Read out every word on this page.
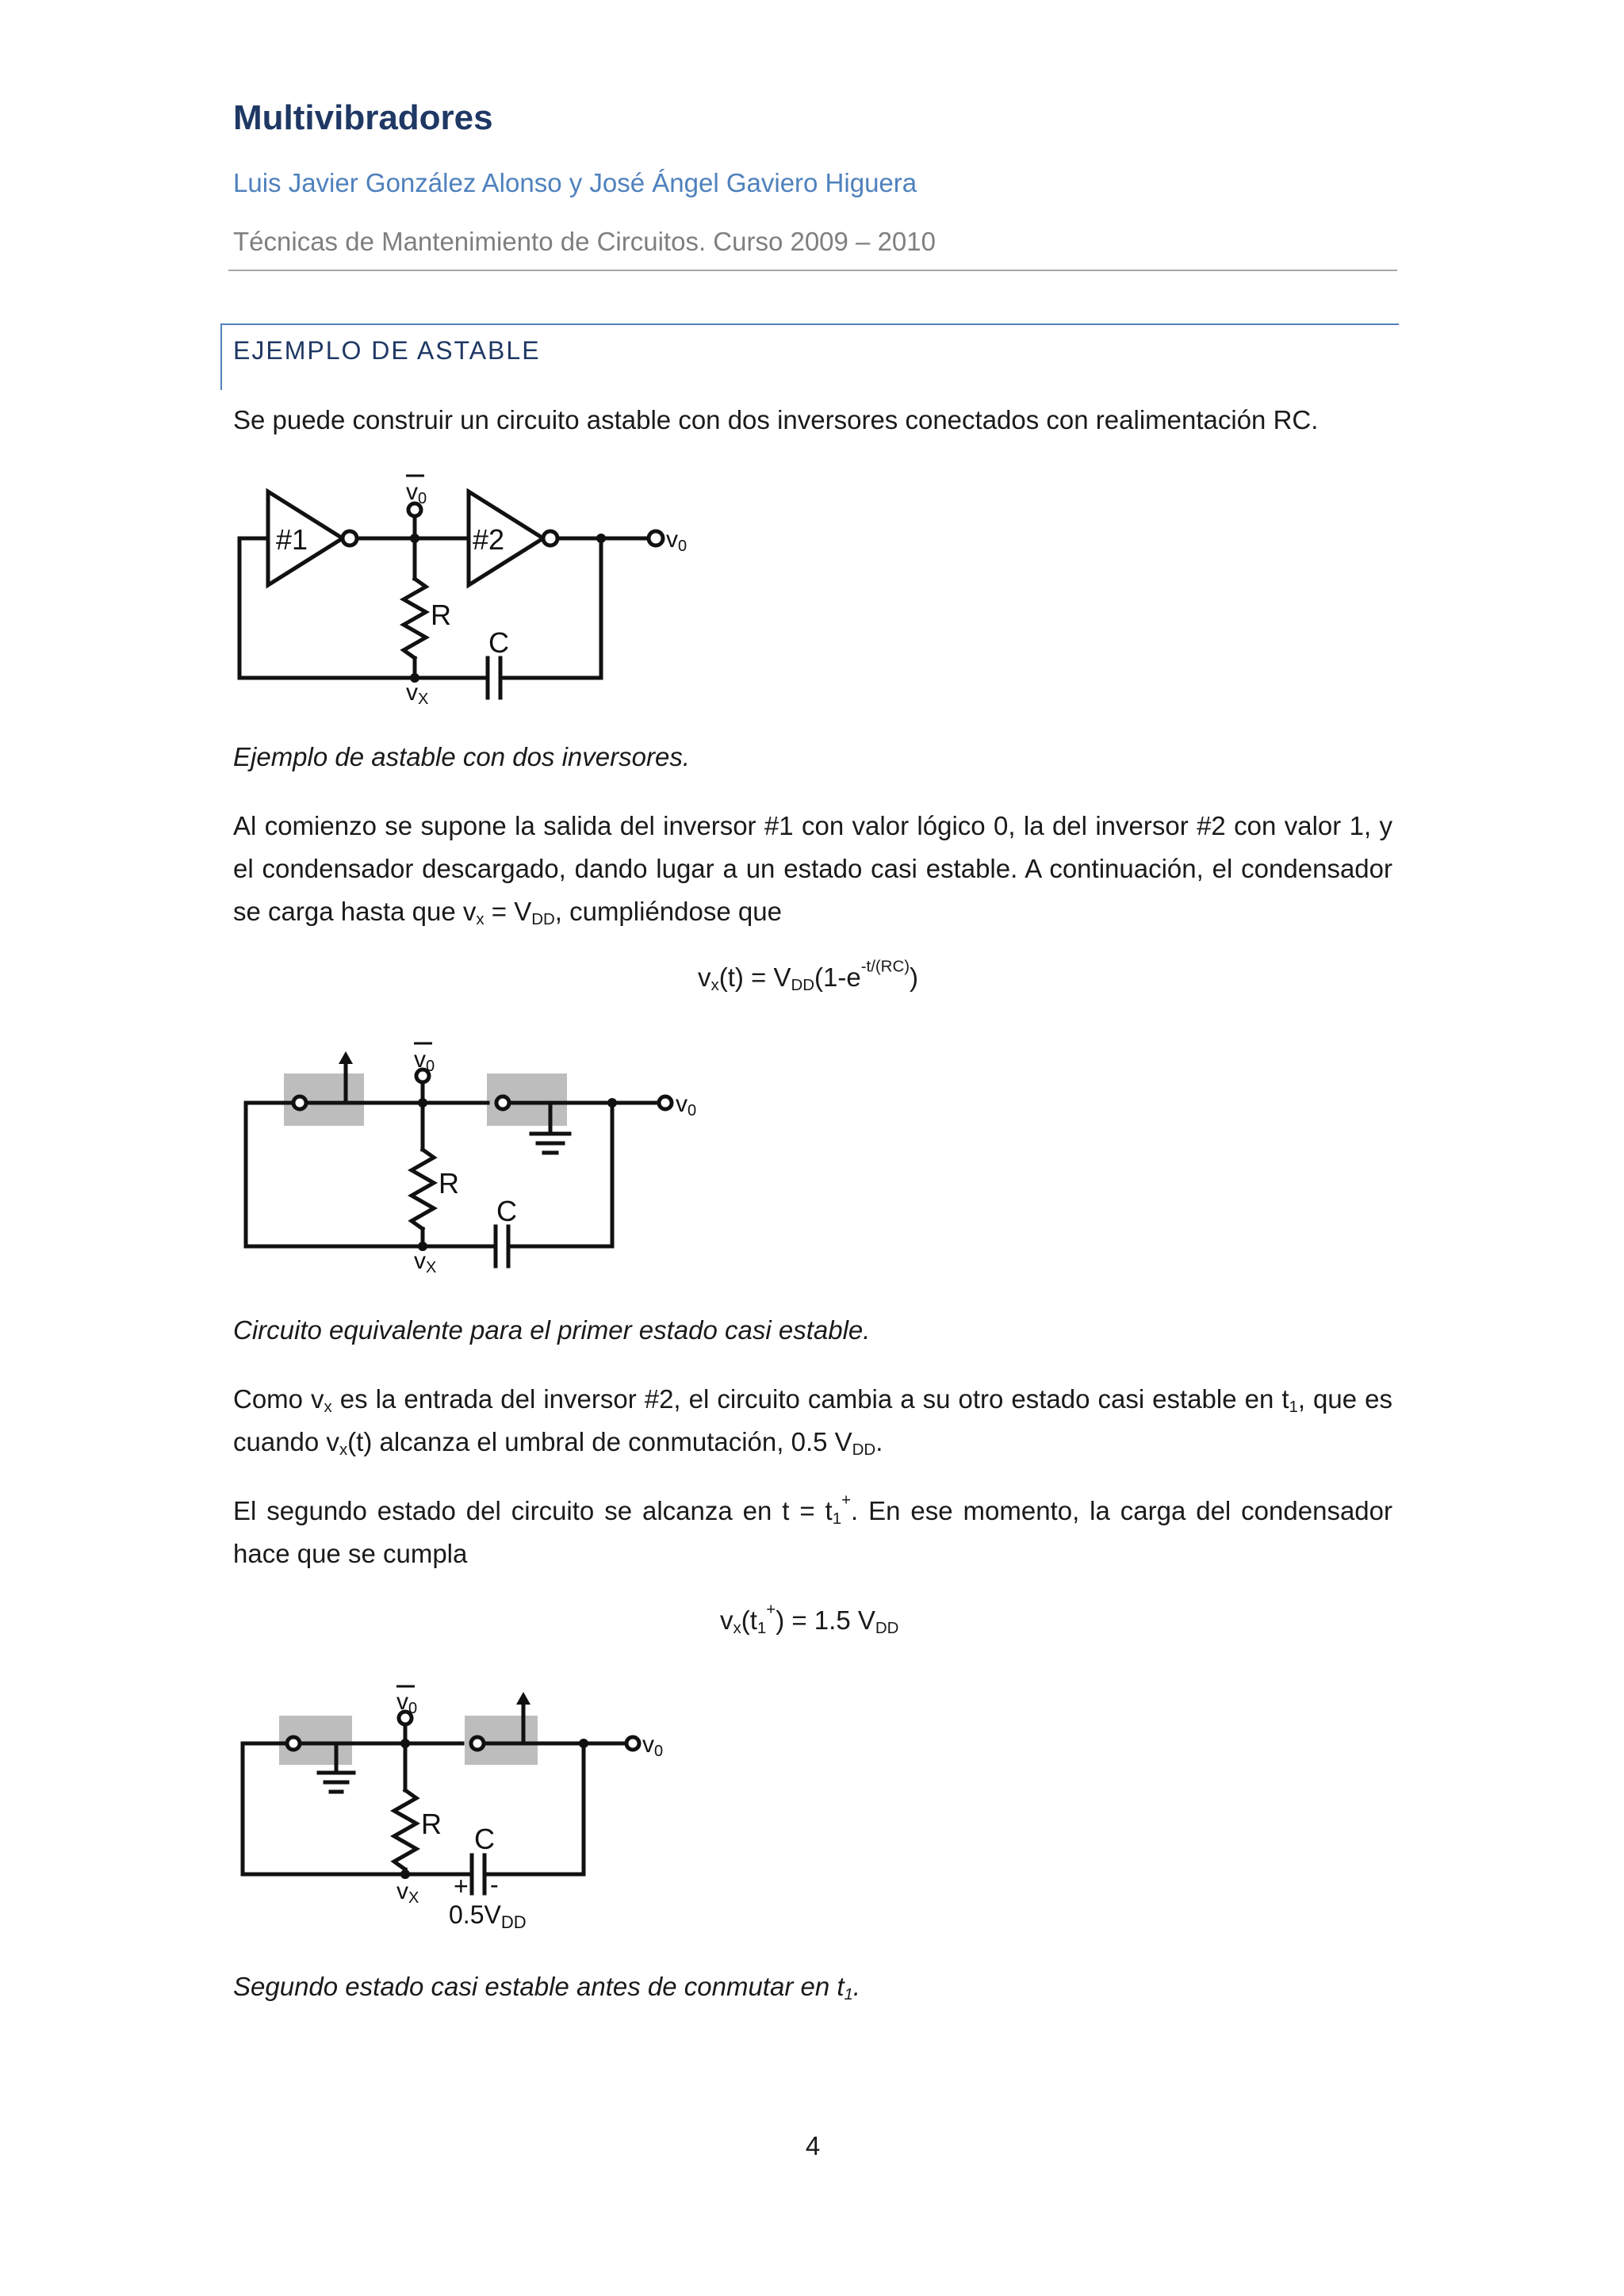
Multivibradores
Luis Javier González Alonso y José Ángel Gaviero Higuera
Técnicas de Mantenimiento de Circuitos. Curso 2009 – 2010
EJEMPLO DE ASTABLE

Se puede construir un circuito astable con dos inversores conectados con realimentación RC.

#1	#2
R
C
v0
v0
vX

Ejemplo de astable con dos inversores.

Al comienzo se supone la salida del inversor #1 con valor lógico 0, la del inversor #2 con valor 1, y el condensador descargado, dando lugar a un estado casi estable. A continuación, el condensador se carga hasta que $v_x = V_{DD}$, cumpliéndose que

$v_x(t) = V_{DD}(1-e^{-t/(RC)})$
R
C
v0
v0
vX

Circuito equivalente para el primer estado casi estable.

Como $v_x$ es la entrada del inversor #2, el circuito cambia a su otro estado casi estable en $t_1$, que es cuando $v_x(t)$ alcanza el umbral de conmutación, 0.5 $V_{DD}$.

El segundo estado del circuito se alcanza en $t = t_1^+$. En ese momento, la carga del condensador hace que se cumpla

$v_x(t_1^+) = 1.5$ $V_{DD}$
R C
+ -
0.5VDD
v0
v0
vX

Segundo estado casi estable antes de conmutar en $t_1$.

4
